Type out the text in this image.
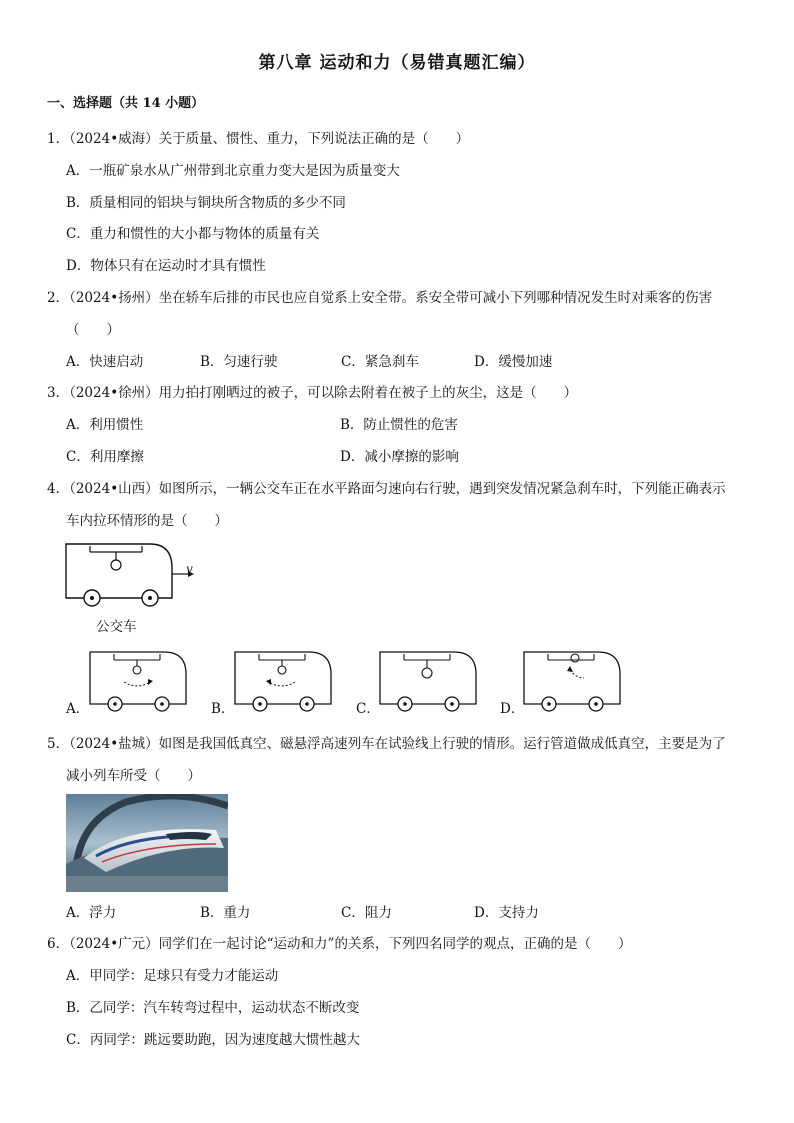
第八章 运动和力（易错真题汇编）
一、选择题（共 14 小题）
1．（2024•威海）关于质量、惯性、重力，下列说法正确的是（　　）
A．一瓶矿泉水从广州带到北京重力变大是因为质量变大
B．质量相同的铝块与铜块所含物质的多少不同
C．重力和惯性的大小都与物体的质量有关
D．物体只有在运动时才具有惯性
2．（2024•扬州）坐在轿车后排的市民也应自觉系上安全带。系安全带可减小下列哪种情况发生时对乘客的伤害
（　　）
A．快速启动	B．匀速行驶	C．紧急刹车	D．缓慢加速
3．（2024•徐州）用力拍打刚晒过的被子，可以除去附着在被子上的灰尘，这是（　　）
A．利用惯性	B．防止惯性的危害
C．利用摩擦	D．减小摩擦的影响
4．（2024•山西）如图所示，一辆公交车正在水平路面匀速向右行驶，遇到突发情况紧急刹车时，下列能正确表示
车内拉环情形的是（　　）
v
公交车
A．	B．	C．	D．
5．（2024•盐城）如图是我国低真空、磁悬浮高速列车在试验线上行驶的情形。运行管道做成低真空，主要是为了
减小列车所受（　　）
A．浮力	B．重力	C．阻力	D．支持力
6．（2024•广元）同学们在一起讨论“运动和力”的关系，下列四名同学的观点，正确的是（　　）
A．甲同学：足球只有受力才能运动
B．乙同学：汽车转弯过程中，运动状态不断改变
C．丙同学：跳远要助跑，因为速度越大惯性越大
